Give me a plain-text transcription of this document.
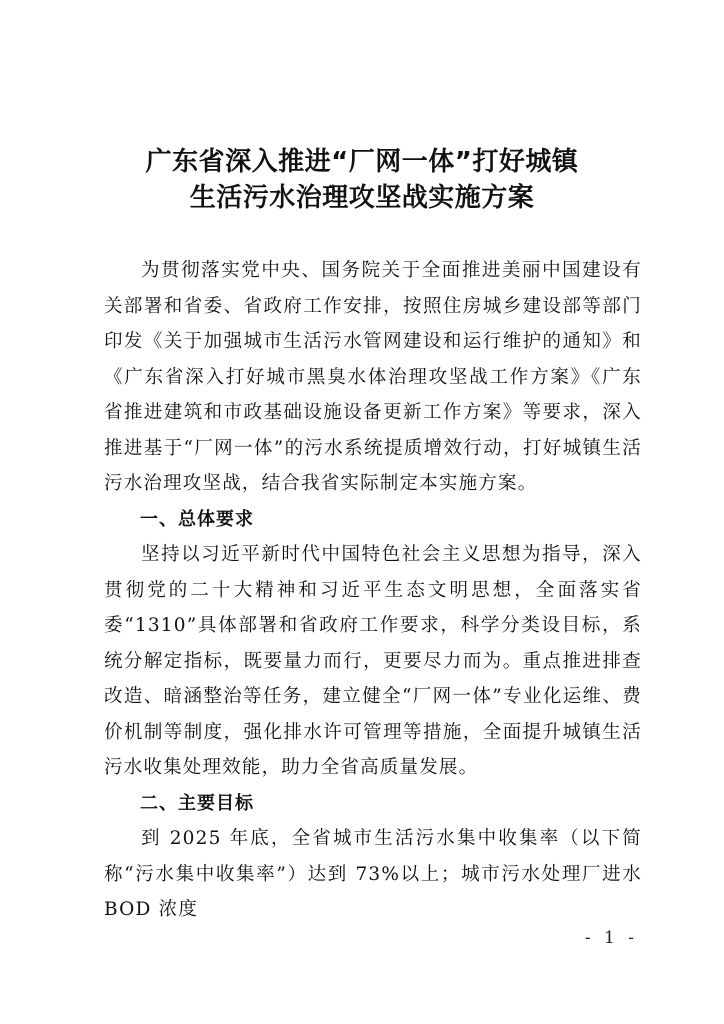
广东省深入推进“厂网一体”打好城镇
生活污水治理攻坚战实施方案

为贯彻落实党中央、国务院关于全面推进美丽中国建设有关部署和省委、省政府工作安排，按照住房城乡建设部等部门印发《关于加强城市生活污水管网建设和运行维护的通知》和《广东省深入打好城市黑臭水体治理攻坚战工作方案》《广东省推进建筑和市政基础设施设备更新工作方案》等要求，深入推进基于“厂网一体”的污水系统提质增效行动，打好城镇生活污水治理攻坚战，结合我省实际制定本实施方案。

一、总体要求

坚持以习近平新时代中国特色社会主义思想为指导，深入贯彻党的二十大精神和习近平生态文明思想，全面落实省委“1310”具体部署和省政府工作要求，科学分类设目标，系统分解定指标，既要量力而行，更要尽力而为。重点推进排查改造、暗涵整治等任务，建立健全“厂网一体”专业化运维、费价机制等制度，强化排水许可管理等措施，全面提升城镇生活污水收集处理效能，助力全省高质量发展。

二、主要目标

到 2025 年底，全省城市生活污水集中收集率（以下简称“污水集中收集率”）达到 73%以上；城市污水处理厂进水 BOD 浓度

- 1 -
